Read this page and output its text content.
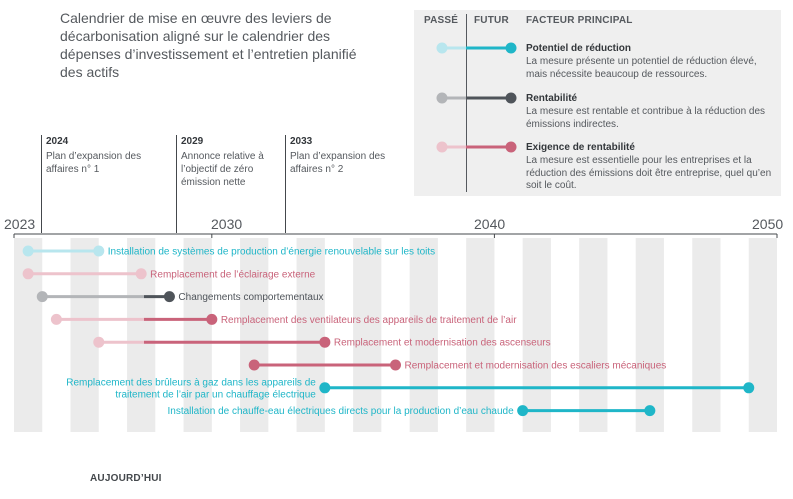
Calendrier de mise en œuvre des leviers de décarbonisation aligné sur le calendrier des dépenses d’investissement et l’entretien planifié des actifs
PASSÉ FUTUR FACTEUR PRINCIPAL
Potentiel de réduction
La mesure présente un potentiel de réduction élevé, mais nécessite beaucoup de ressources.
Rentabilité
La mesure est rentable et contribue à la réduction des émissions indirectes.
Exigence de rentabilité
La mesure est essentielle pour les entreprises et la réduction des émissions doit être entreprise, quel qu’en soit le coût.
2024
Plan d’expansion des affaires n° 1
2029
Annonce relative à l’objectif de zéro émission nette
2033
Plan d’expansion des affaires n° 2
2023	2030	2040	2050
Installation de systèmes de production d’énergie renouvelable sur les toits
Remplacement de l’éclairage externe
Changements comportementaux
Remplacement des ventilateurs des appareils de traitement de l’air
Remplacement et modernisation des ascenseurs
Remplacement et modernisation des escaliers mécaniques
Remplacement des brûleurs à gaz dans les appareils de
traitement de l’air par un chauffage électrique
Installation de chauffe-eau électriques directs pour la production d’eau chaude
AUJOURD’HUI
